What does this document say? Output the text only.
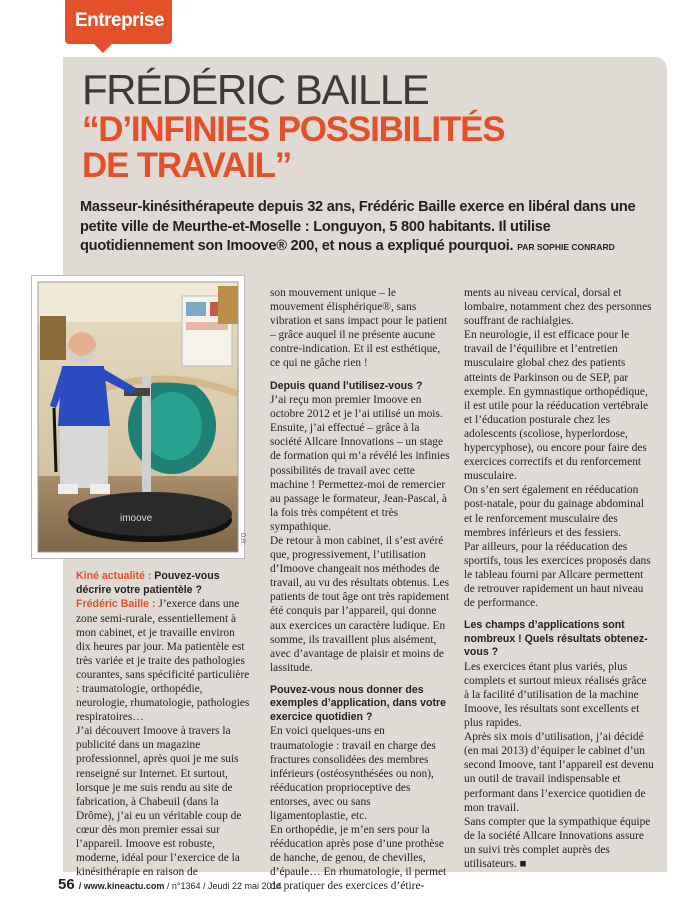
Entreprise
FRÉDÉRIC BAILLE
“D’INFINIES POSSIBILITÉS
DE TRAVAIL”

Masseur-kinésithérapeute depuis 32 ans, Frédéric Baille exerce en libéral dans une petite ville de Meurthe-et-Moselle : Longuyon, 5 800 habitants. Il utilise quotidiennement son Imoove® 200, et nous a expliqué pourquoi. PAR SOPHIE CONRARD

imoove
D.R.

Kiné actualité : Pouvez-vous décrire votre patientèle ?

Frédéric Baille : J’exerce dans une zone semi-rurale, essentiellement à mon cabinet, et je travaille environ dix heures par jour. Ma patientèle est très variée et je traite des pathologies courantes, sans spécificité particulière : traumatologie, orthopédie, neurologie, rhumatologie, pathologies respiratoires…

J’ai découvert Imoove à travers la publicité dans un magazine professionnel, après quoi je me suis renseigné sur Internet. Et surtout, lorsque je me suis rendu au site de fabrication, à Chabeuil (dans la Drôme), j’ai eu un véritable coup de cœur dès mon premier essai sur l’appareil. Imoove est robuste, moderne, idéal pour l’exercice de la kinésithérapie en raison de

son mouvement unique – le mouvement élisphérique®, sans vibration et sans impact pour le patient – grâce auquel il ne présente aucune contre-indication. Et il est esthétique, ce qui ne gâche rien !

Depuis quand l’utilisez-vous ?

J’ai reçu mon premier Imoove en octobre 2012 et je l’ai utilisé un mois. Ensuite, j’ai effectué – grâce à la société Allcare Innovations – un stage de formation qui m’a révélé les infinies possibilités de travail avec cette machine ! Permettez-moi de remercier au passage le formateur, Jean-Pascal, à la fois très compétent et très sympathique.

De retour à mon cabinet, il s’est avéré que, progressivement, l’utilisation d’Imoove changeait nos méthodes de travail, au vu des résultats obtenus. Les patients de tout âge ont très rapidement été conquis par l’appareil, qui donne aux exercices un caractère ludique. En somme, ils travaillent plus aisément, avec d’avantage de plaisir et moins de lassitude.

Pouvez-vous nous donner des exemples d’application, dans votre exercice quotidien ?

En voici quelques-uns en traumatologie : travail en charge des fractures consolidées des membres inférieurs (ostéosynthésées ou non), rééducation proprioceptive des entorses, avec ou sans ligamentoplastie, etc.

En orthopédie, je m’en sers pour la rééducation après pose d’une prothèse de hanche, de genou, de chevilles, d’épaule… En rhumatologie, il permet de pratiquer des exercices d’étire-

ments au niveau cervical, dorsal et lombaire, notamment chez des personnes souffrant de rachialgies.

En neurologie, il est efficace pour le travail de l’équilibre et l’entretien musculaire global chez des patients atteints de Parkinson ou de SEP, par exemple. En gymnastique orthopédique, il est utile pour la rééducation vertébrale et l’éducation posturale chez les adolescents (scoliose, hyperlordose, hypercyphose), ou encore pour faire des exercices correctifs et du renforcement musculaire.

On s’en sert également en rééducation post-natale, pour du gainage abdominal et le renforcement musculaire des membres inférieurs et des fessiers.

Par ailleurs, pour la rééducation des sportifs, tous les exercices proposés dans le tableau fourni par Allcare permettent de retrouver rapidement un haut niveau de performance.

Les champs d’applications sont nombreux ! Quels résultats obtenez-vous ?

Les exercices étant plus variés, plus complets et surtout mieux réalisés grâce à la facilité d’utilisation de la machine Imoove, les résultats sont excellents et plus rapides.

Après six mois d’utilisation, j’ai décidé (en mai 2013) d’équiper le cabinet d’un second Imoove, tant l’appareil est devenu un outil de travail indispensable et performant dans l’exercice quotidien de mon travail.

Sans compter que la sympathique équipe de la société Allcare Innovations assure un suivi très complet auprès des utilisateurs. ■

56 / www.kineactu.com / n°1364 / Jeudi 22 mai 2014
